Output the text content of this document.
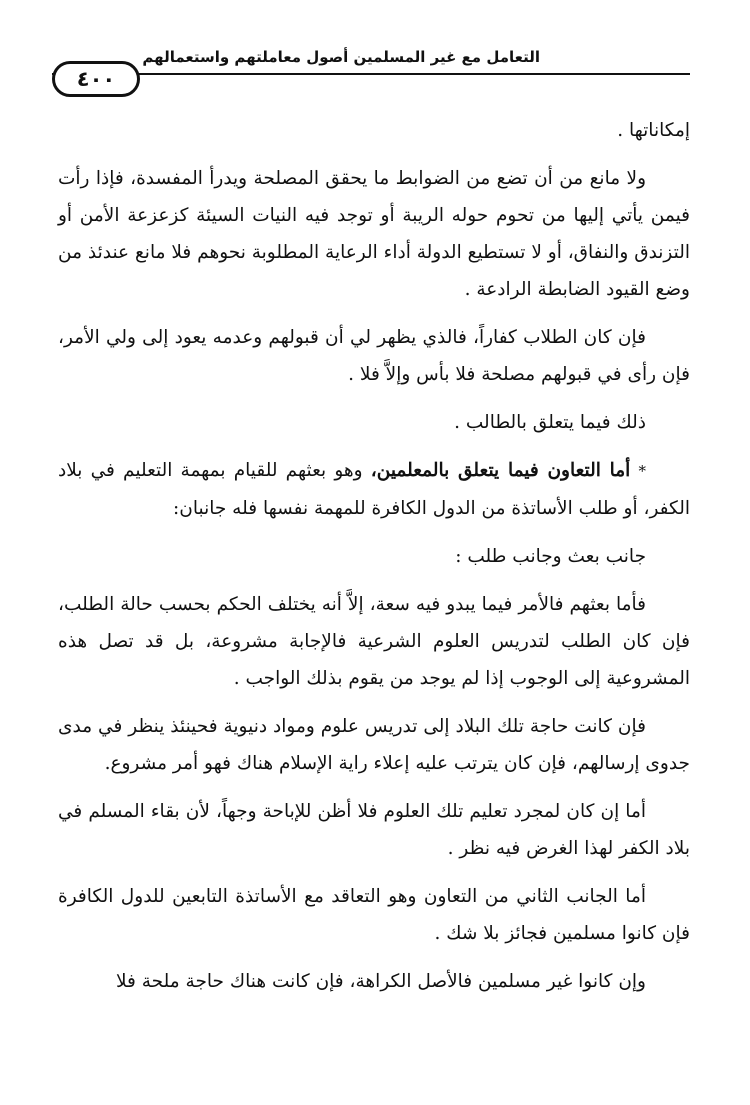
التعامل مع غير المسلمين أصول معاملتهم واستعمالهم
٤٠٠

إمكاناتها .

ولا مانع من أن تضع من الضوابط ما يحقق المصلحة ويدرأ المفسدة، فإذا رأت فيمن يأتي إليها من تحوم حوله الريبة أو توجد فيه النيات السيئة كزعزعة الأمن أو التزندق والنفاق، أو لا تستطيع الدولة أداء الرعاية المطلوبة نحوهم فلا مانع عندئذ من وضع القيود الضابطة الرادعة .

فإن كان الطلاب كفاراً، فالذي يظهر لي أن قبولهم وعدمه يعود إلى ولي الأمر، فإن رأى في قبولهم مصلحة فلا بأس وإلاَّ فلا .

ذلك فيما يتعلق بالطالب .

* أما التعاون فيما يتعلق بالمعلمين، وهو بعثهم للقيام بمهمة التعليم في بلاد الكفر، أو طلب الأساتذة من الدول الكافرة للمهمة نفسها فله جانبان:

جانب بعث وجانب طلب :

فأما بعثهم فالأمر فيما يبدو فيه سعة، إلاَّ أنه يختلف الحكم بحسب حالة الطلب، فإن كان الطلب لتدريس العلوم الشرعية فالإجابة مشروعة، بل قد تصل هذه المشروعية إلى الوجوب إذا لم يوجد من يقوم بذلك الواجب .

فإن كانت حاجة تلك البلاد إلى تدريس علوم ومواد دنيوية فحينئذ ينظر في مدى جدوى إرسالهم، فإن كان يترتب عليه إعلاء راية الإسلام هناك فهو أمر مشروع.

أما إن كان لمجرد تعليم تلك العلوم فلا أظن للإباحة وجهاً، لأن بقاء المسلم في بلاد الكفر لهذا الغرض فيه نظر .

أما الجانب الثاني من التعاون وهو التعاقد مع الأساتذة التابعين للدول الكافرة فإن كانوا مسلمين فجائز بلا شك .

وإن كانوا غير مسلمين فالأصل الكراهة، فإن كانت هناك حاجة ملحة فلا
